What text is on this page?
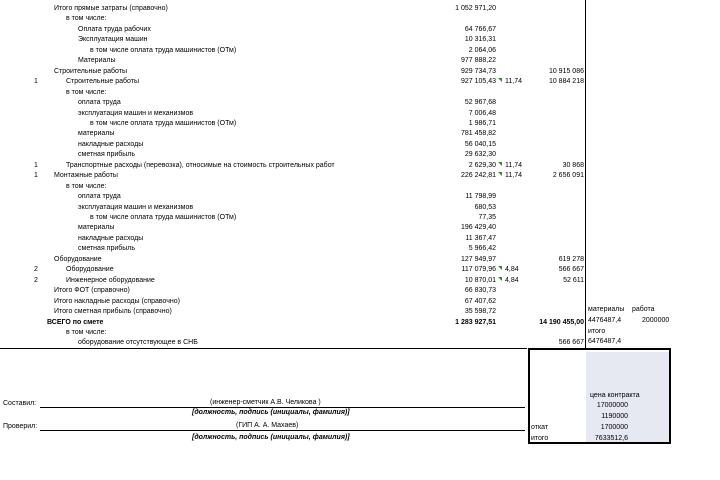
Итого прямые затраты (справочно)	1 052 971,20
в том числе:
Оплата труда рабочих	64 766,67
Эксплуатация машин	10 316,31
в том числе оплата труда машинистов (ОТм)	2 064,06
Материалы	977 888,22
Строительные работы	929 734,73	10 915 086
1	Строительные работы	927 105,43 11,74	10 884 218
в том числе:
оплата труда	52 967,68
эксплуатация машин и механизмов	7 006,48
в том числе оплата труда машинистов (ОТм)	1 986,71
материалы	781 458,82
накладные расходы	56 040,15
сметная прибыль	29 632,30
1	Транспортные расходы (перевозка), относимые на стоимость строительных работ	2 629,30 11,74	30 868
1 Монтажные работы	226 242,81 11,74	2 656 091
в том числе:
оплата труда	11 798,99
эксплуатация машин и механизмов	680,53
в том числе оплата труда машинистов (ОТм)	77,35
материалы	196 429,40
накладные расходы	11 367,47
сметная прибыль	5 966,42
Оборудование	127 949,97	619 278
2	Оборудование	117 079,96 4,84	566 667
2	Инженерное оборудование	10 870,01 4,84	52 611
Итого ФОТ (справочно)	66 830,73
Итого накладные расходы (справочно)	67 407,62
Итого сметная прибыль (справочно)	35 598,72
ВСЕГО по смете	1 283 927,51	14 190 455,00
в том числе:
оборудование отсутствующее в СНБ	566 667
материалы работа
4476487,4	2000000
итого
6476487,4
Составил:	(инженер-сметчик А.В. Челикова )
[должность, подпись (инициалы, фамилия)]
Проверил:	(ГИП А. А. Махаев)
[должность, подпись (инициалы, фамилия)]
цена контракта
17000000
1190000
откат	1700000
итого	7633512,6
